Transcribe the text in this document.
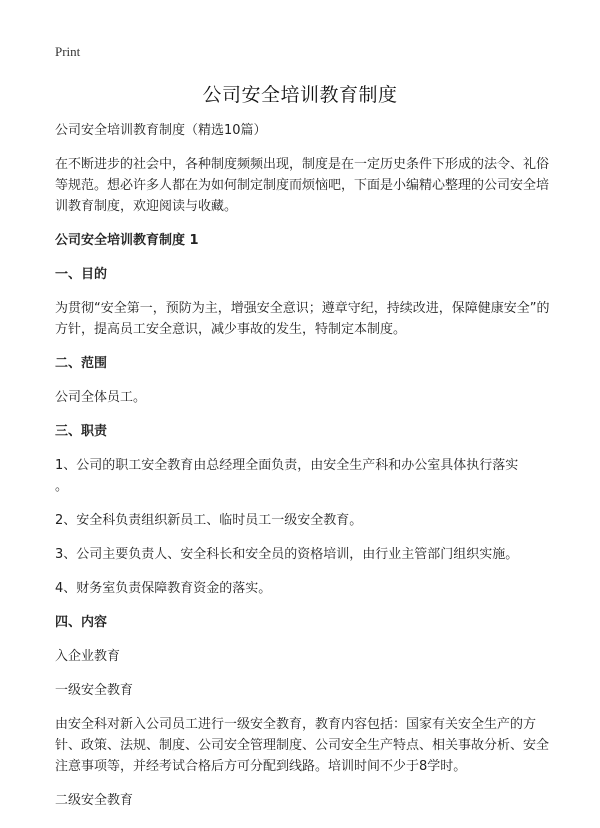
Print
公司安全培训教育制度

公司安全培训教育制度（精选10篇）

在不断进步的社会中，各种制度频频出现，制度是在一定历史条件下形成的法令、礼俗等规范。想必许多人都在为如何制定制度而烦恼吧，下面是小编精心整理的公司安全培训教育制度，欢迎阅读与收藏。

公司安全培训教育制度 1

一、目的

为贯彻“安全第一，预防为主，增强安全意识；遵章守纪，持续改进，保障健康安全”的方针，提高员工安全意识，减少事故的发生，特制定本制度。

二、范围

公司全体员工。

三、职责

1、公司的职工安全教育由总经理全面负责，由安全生产科和办公室具体执行落实
。

2、安全科负责组织新员工、临时员工一级安全教育。

3、公司主要负责人、安全科长和安全员的资格培训，由行业主管部门组织实施。

4、财务室负责保障教育资金的落实。

四、内容

入企业教育

一级安全教育

由安全科对新入公司员工进行一级安全教育，教育内容包括：国家有关安全生产的方针、政策、法规、制度、公司安全管理制度、公司安全生产特点、相关事故分析、安全注意事项等，并经考试合格后方可分配到线路。培训时间不少于8学时。

二级安全教育
